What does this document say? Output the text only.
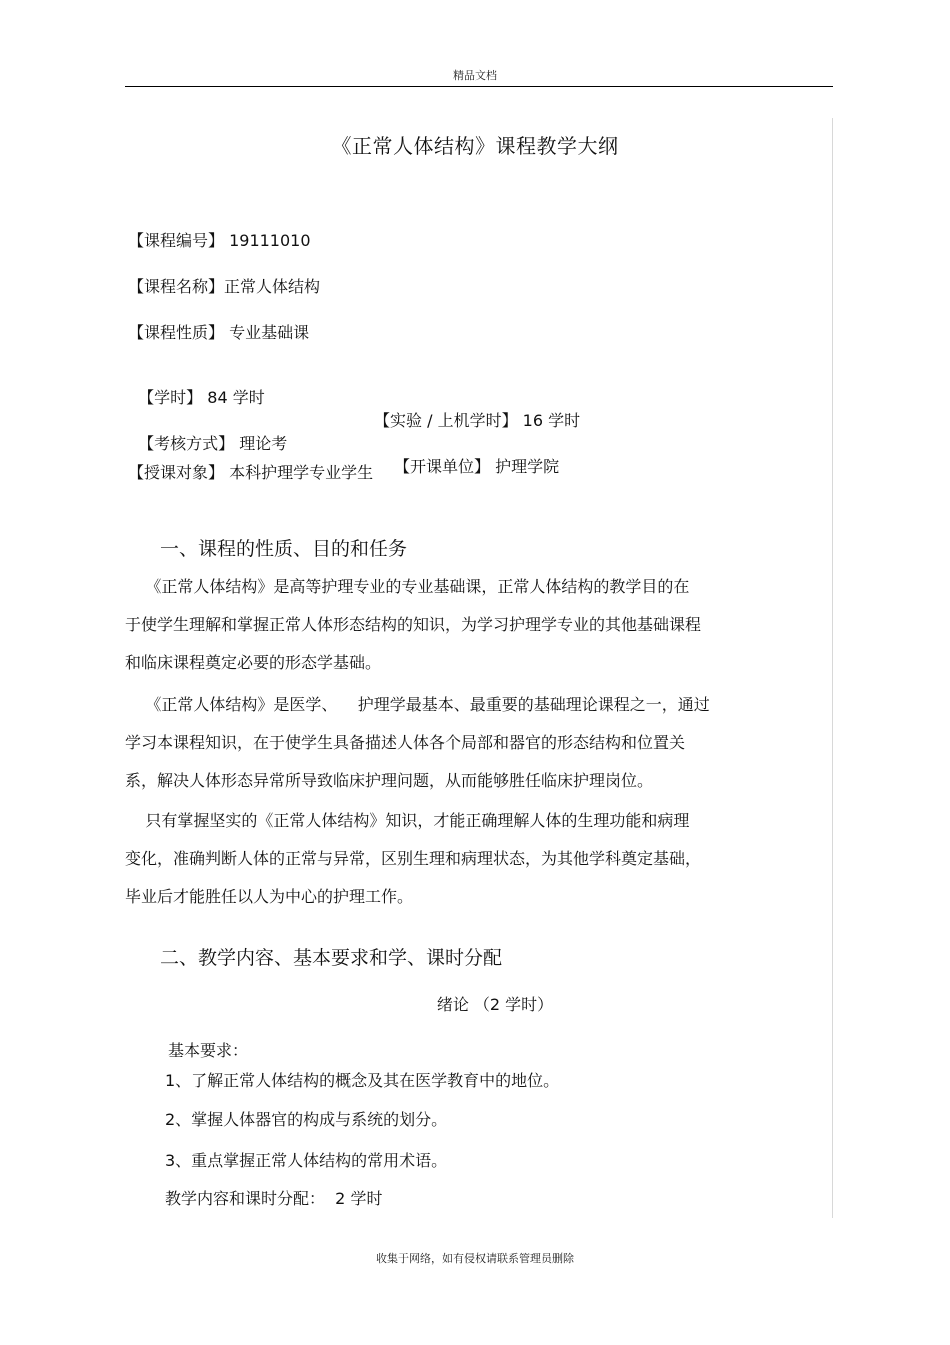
精品文档
《正常人体结构》课程教学大纲
【课程编号】 19111010
【课程名称】正常人体结构
【课程性质】 专业基础课

【学时】 84 学时

【实验 / 上机学时】 16 学时

【考核方式】 理论考

【开课单位】 护理学院

【授课对象】 本科护理学专业学生
一、课程的性质、目的和任务
《正常人体结构》是高等护理专业的专业基础课，正常人体结构的教学目的在
于使学生理解和掌握正常人体形态结构的知识，为学习护理学专业的其他基础课程
和临床课程奠定必要的形态学基础。
《正常人体结构》是医学、    护理学最基本、最重要的基础理论课程之一，通过
学习本课程知识，在于使学生具备描述人体各个局部和器官的形态结构和位置关
系，解决人体形态异常所导致临床护理问题，从而能够胜任临床护理岗位。
只有掌握坚实的《正常人体结构》知识，才能正确理解人体的生理功能和病理
变化，准确判断人体的正常与异常，区别生理和病理状态，为其他学科奠定基础，
毕业后才能胜任以人为中心的护理工作。
二、教学内容、基本要求和学、课时分配
绪论 （2 学时）
基本要求：
1、了解正常人体结构的概念及其在医学教育中的地位。
2、掌握人体器官的构成与系统的划分。
3、重点掌握正常人体结构的常用术语。
教学内容和课时分配：  2 学时
收集于网络，如有侵权请联系管理员删除
